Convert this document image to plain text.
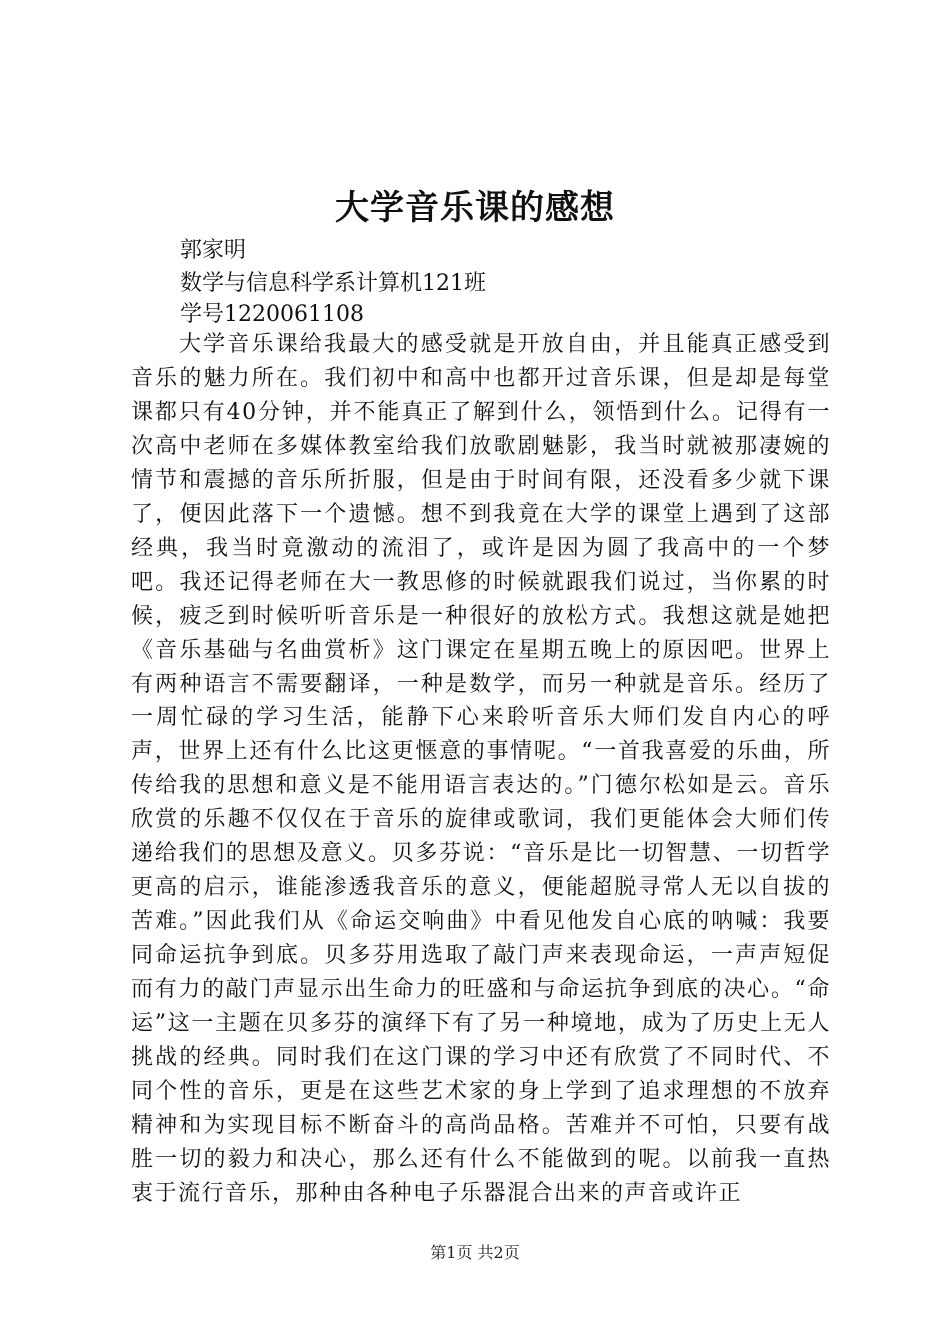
大学音乐课的感想
郭家明
数学与信息科学系计算机121班
学号1220061108

大学音乐课给我最大的感受就是开放自由，并且能真正感受到音乐的魅力所在。我们初中和高中也都开过音乐课，但是却是每堂课都只有40分钟，并不能真正了解到什么，领悟到什么。记得有一次高中老师在多媒体教室给我们放歌剧魅影，我当时就被那凄婉的情节和震撼的音乐所折服，但是由于时间有限，还没看多少就下课了，便因此落下一个遗憾。想不到我竟在大学的课堂上遇到了这部经典，我当时竟激动的流泪了，或许是因为圆了我高中的一个梦吧。我还记得老师在大一教思修的时候就跟我们说过，当你累的时候，疲乏到时候听听音乐是一种很好的放松方式。我想这就是她把《音乐基础与名曲赏析》这门课定在星期五晚上的原因吧。世界上有两种语言不需要翻译，一种是数学，而另一种就是音乐。经历了一周忙碌的学习生活，能静下心来聆听音乐大师们发自内心的呼声，世界上还有什么比这更惬意的事情呢。“一首我喜爱的乐曲，所传给我的思想和意义是不能用语言表达的。”门德尔松如是云。音乐欣赏的乐趣不仅仅在于音乐的旋律或歌词，我们更能体会大师们传递给我们的思想及意义。贝多芬说：“音乐是比一切智慧、一切哲学更高的启示，谁能渗透我音乐的意义，便能超脱寻常人无以自拔的苦难。”因此我们从《命运交响曲》中看见他发自心底的呐喊：我要同命运抗争到底。贝多芬用选取了敲门声来表现命运，一声声短促而有力的敲门声显示出生命力的旺盛和与命运抗争到底的决心。“命运”这一主题在贝多芬的演绎下有了另一种境地，成为了历史上无人挑战的经典。同时我们在这门课的学习中还有欣赏了不同时代、不同个性的音乐，更是在这些艺术家的身上学到了追求理想的不放弃精神和为实现目标不断奋斗的高尚品格。苦难并不可怕，只要有战胜一切的毅力和决心，那么还有什么不能做到的呢。以前我一直热衷于流行音乐，那种由各种电子乐器混合出来的声音或许正

第1页 共2页
